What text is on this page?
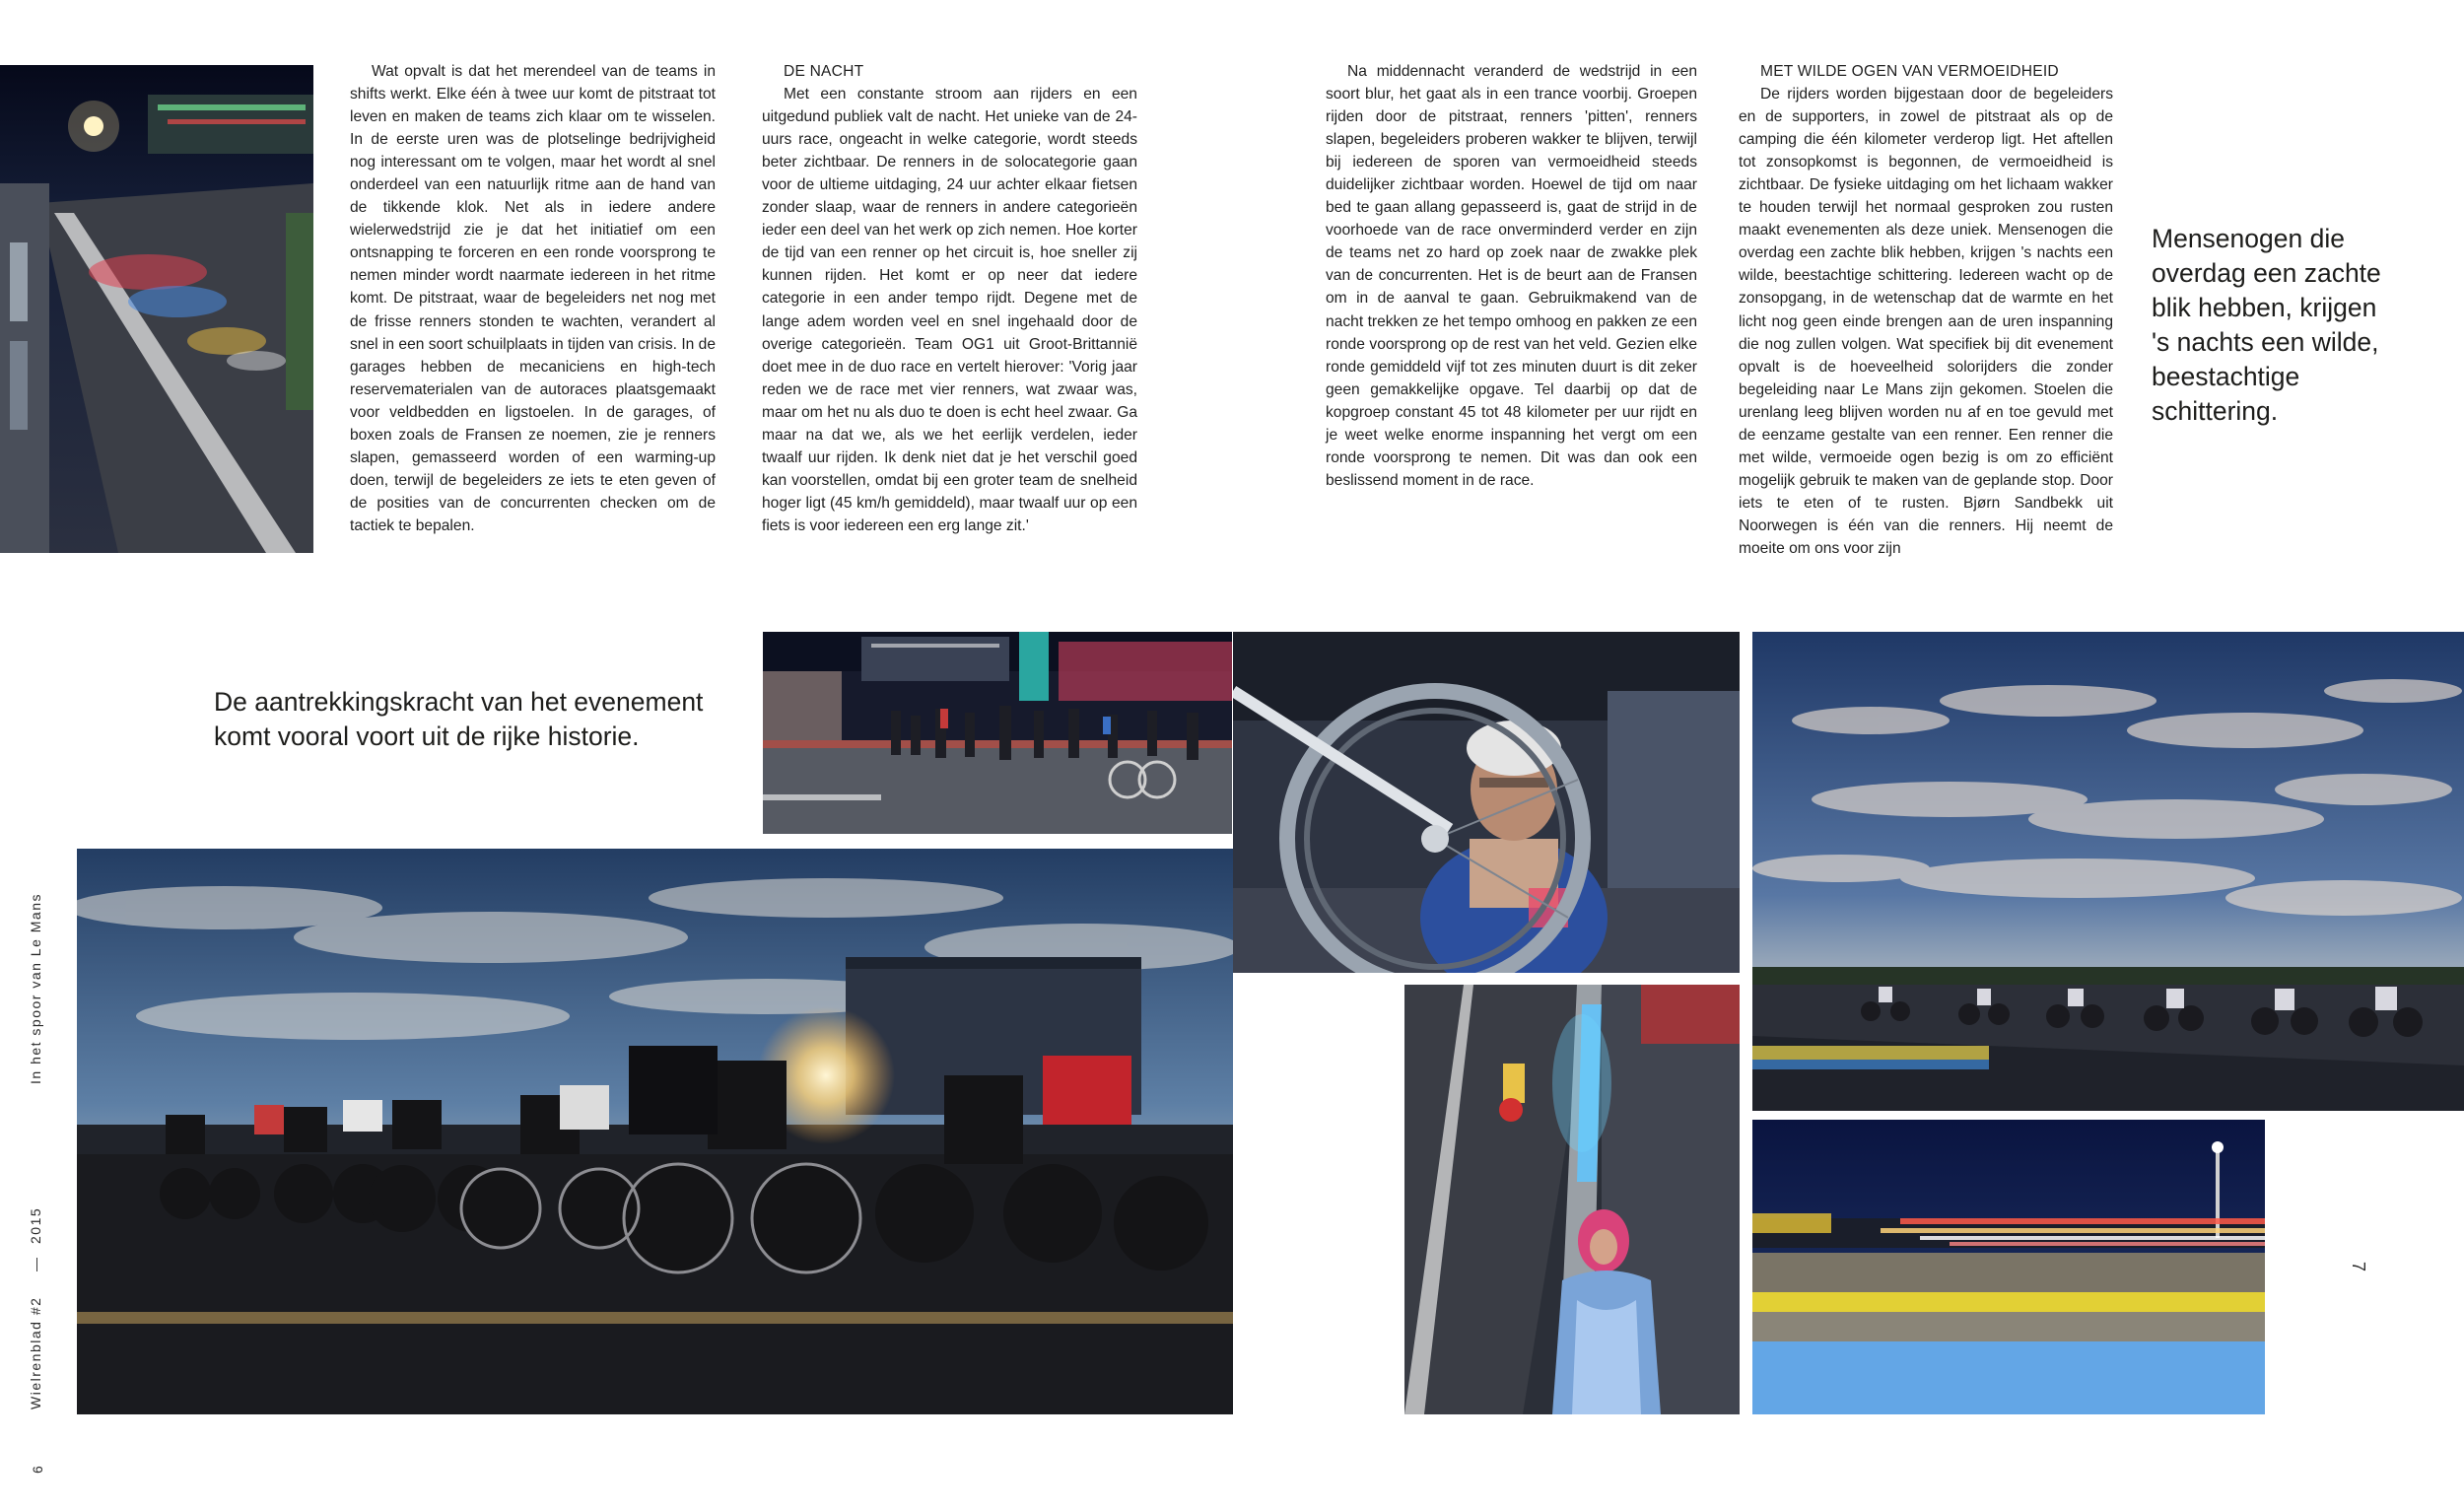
Wat opvalt is dat het merendeel van de teams in shifts werkt. Elke één à twee uur komt de pitstraat tot leven en maken de teams zich klaar om te wisselen. In de eerste uren was de plotselinge bedrijvigheid nog interessant om te volgen, maar het wordt al snel onderdeel van een natuurlijk ritme aan de hand van de tikkende klok. Net als in iedere andere wielerwedstrijd zie je dat het initiatief om een ontsnapping te forceren en een ronde voorsprong te nemen minder wordt naarmate iedereen in het ritme komt. De pitstraat, waar de begeleiders net nog met de frisse renners stonden te wachten, verandert al snel in een soort schuilplaats in tijden van crisis. In de garages hebben de mecaniciens en high-tech reservematerialen van de autoraces plaatsgemaakt voor veldbedden en ligstoelen. In de garages, of boxen zoals de Fransen ze noemen, zie je renners slapen, gemasseerd worden of een warming-up doen, terwijl de begeleiders ze iets te eten geven of de posities van de concurrenten checken om de tactiek te bepalen.

DE NACHT

Met een constante stroom aan rijders en een uitgedund publiek valt de nacht. Het unieke van de 24-uurs race, ongeacht in welke categorie, wordt steeds beter zichtbaar. De renners in de solocategorie gaan voor de ultieme uitdaging, 24 uur achter elkaar fietsen zonder slaap, waar de renners in andere categorieën ieder een deel van het werk op zich nemen. Hoe korter de tijd van een renner op het circuit is, hoe sneller zij kunnen rijden. Het komt er op neer dat iedere categorie in een ander tempo rijdt. Degene met de lange adem worden veel en snel ingehaald door de overige categorieën. Team OG1 uit Groot-Brittannië doet mee in de duo race en vertelt hierover: 'Vorig jaar reden we de race met vier renners, wat zwaar was, maar om het nu als duo te doen is echt heel zwaar. Ga maar na dat we, als we het eerlijk verdelen, ieder twaalf uur rijden. Ik denk niet dat je het verschil goed kan voorstellen, omdat bij een groter team de snelheid hoger ligt (45 km/h gemiddeld), maar twaalf uur op een fiets is voor iedereen een erg lange zit.'

Na middennacht veranderd de wedstrijd in een soort blur, het gaat als in een trance voorbij. Groepen rijden door de pitstraat, renners 'pitten', renners slapen, begeleiders proberen wakker te blijven, terwijl bij iedereen de sporen van vermoeidheid steeds duidelijker zichtbaar worden. Hoewel de tijd om naar bed te gaan allang gepasseerd is, gaat de strijd in de voorhoede van de race onverminderd verder en zijn de teams net zo hard op zoek naar de zwakke plek van de concurrenten. Het is de beurt aan de Fransen om in de aanval te gaan. Gebruikmakend van de nacht trekken ze het tempo omhoog en pakken ze een ronde voorsprong op de rest van het veld. Gezien elke ronde gemiddeld vijf tot zes minuten duurt is dit zeker geen gemakkelijke opgave. Tel daarbij op dat de kopgroep constant 45 tot 48 kilometer per uur rijdt en je weet welke enorme inspanning het vergt om een ronde voorsprong te nemen. Dit was dan ook een beslissend moment in de race.

MET WILDE OGEN VAN VERMOEIDHEID

De rijders worden bijgestaan door de begeleiders en de supporters, in zowel de pitstraat als op de camping die één kilometer verderop ligt. Het aftellen tot zonsopkomst is begonnen, de vermoeidheid is zichtbaar. De fysieke uitdaging om het lichaam wakker te houden terwijl het normaal gesproken zou rusten maakt evenementen als deze uniek. Mensenogen die overdag een zachte blik hebben, krijgen 's nachts een wilde, beestachtige schittering. Iedereen wacht op de zonsopgang, in de wetenschap dat de warmte en het licht nog geen einde brengen aan de uren inspanning die nog zullen volgen. Wat specifiek bij dit evenement opvalt is de hoeveelheid solorijders die zonder begeleiding naar Le Mans zijn gekomen. Stoelen die urenlang leeg blijven worden nu af en toe gevuld met de eenzame gestalte van een renner. Een renner die met wilde, vermoeide ogen bezig is om zo efficiënt mogelijk gebruik te maken van de geplande stop. Door iets te eten of te rusten. Bjørn Sandbekk uit Noorwegen is één van die renners. Hij neemt de moeite om ons voor zijn

Mensenogen die overdag een zachte blik hebben, krijgen 's nachts een wilde, beestachtige schittering.
De aantrekkingskracht van het evenement komt vooral voort uit de rijke historie.
Wielrenblad #2
—
2015
In het spoor van Le Mans
6
7
